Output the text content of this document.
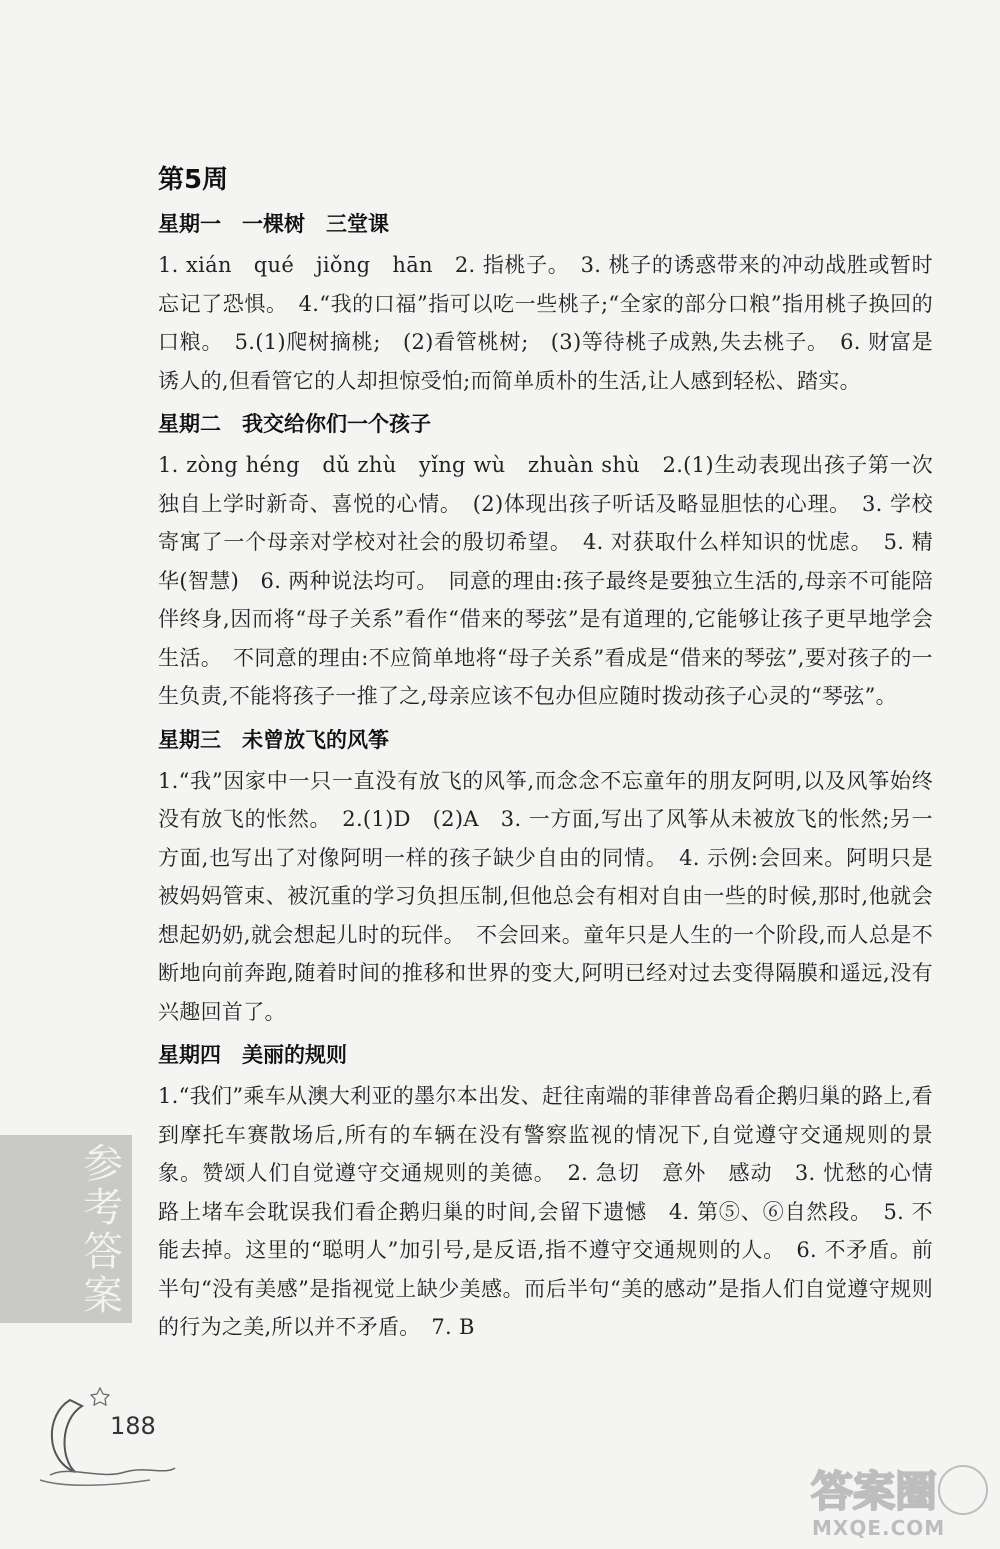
第5周
星期一　一棵树　三堂课
1. xián　qué　jiǒng　hān　2. 指桃子。　3. 桃子的诱惑带来的冲动战胜或暂时忘记了恐惧。　4.“我的口福”指可以吃一些桃子;“全家的部分口粮”指用桃子换回的口粮。　5.(1)爬树摘桃;　(2)看管桃树;　(3)等待桃子成熟,失去桃子。　6. 财富是诱人的,但看管它的人却担惊受怕;而简单质朴的生活,让人感到轻松、踏实。
星期二　我交给你们一个孩子
1. zòng héng　dǔ zhù　yǐng wù　zhuàn shù　2.(1)生动表现出孩子第一次独自上学时新奇、喜悦的心情。　(2)体现出孩子听话及略显胆怯的心理。　3. 学校　寄寓了一个母亲对学校对社会的殷切希望。　4. 对获取什么样知识的忧虑。　5. 精华(智慧)　6. 两种说法均可。　同意的理由:孩子最终是要独立生活的,母亲不可能陪伴终身,因而将“母子关系”看作“借来的琴弦”是有道理的,它能够让孩子更早地学会生活。　不同意的理由:不应简单地将“母子关系”看成是“借来的琴弦”,要对孩子的一生负责,不能将孩子一推了之,母亲应该不包办但应随时拨动孩子心灵的“琴弦”。
星期三　未曾放飞的风筝
1.“我”因家中一只一直没有放飞的风筝,而念念不忘童年的朋友阿明,以及风筝始终没有放飞的怅然。　2.(1)D　(2)A　3. 一方面,写出了风筝从未被放飞的怅然;另一方面,也写出了对像阿明一样的孩子缺少自由的同情。　4. 示例:会回来。阿明只是被妈妈管束、被沉重的学习负担压制,但他总会有相对自由一些的时候,那时,他就会想起奶奶,就会想起儿时的玩伴。　不会回来。童年只是人生的一个阶段,而人总是不断地向前奔跑,随着时间的推移和世界的变大,阿明已经对过去变得隔膜和遥远,没有兴趣回首了。
星期四　美丽的规则
1.“我们”乘车从澳大利亚的墨尔本出发、赶往南端的菲律普岛看企鹅归巢的路上,看到摩托车赛散场后,所有的车辆在没有警察监视的情况下,自觉遵守交通规则的景象。赞颂人们自觉遵守交通规则的美德。　2. 急切　意外　感动　3. 忧愁的心情　路上堵车会耽误我们看企鹅归巢的时间,会留下遗憾　4. 第⑤、⑥自然段。　5. 不能去掉。这里的“聪明人”加引号,是反语,指不遵守交通规则的人。　6. 不矛盾。前半句“没有美感”是指视觉上缺少美感。而后半句“美的感动”是指人们自觉遵守规则的行为之美,所以并不矛盾。　7. B
参考答案
188
答案圈
MXQE.COM
